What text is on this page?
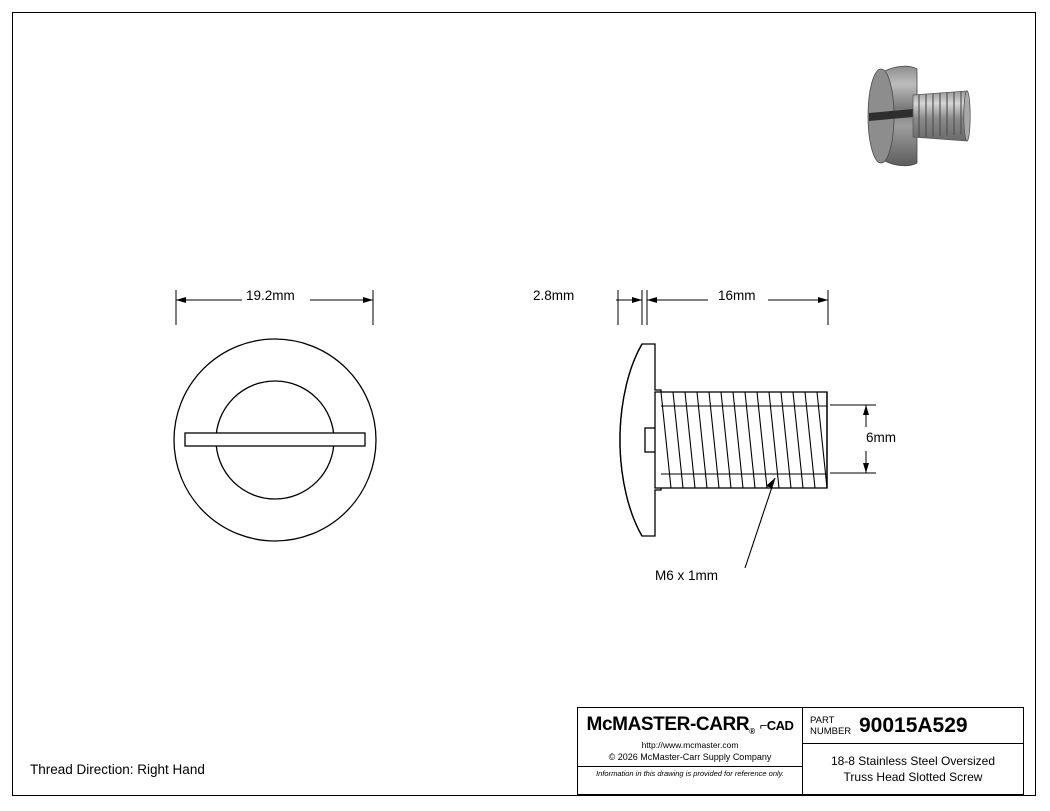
19.2mm	2.8mm	16mm
6mm
M6 x 1mm
Thread Direction: Right Hand
McMASTER-CARR® ⌐CAD
http://www.mcmaster.com
© 2026 McMaster-Carr Supply Company
Information in this drawing is provided for reference only.
PART
NUMBER 90015A529
18-8 Stainless Steel Oversized
Truss Head Slotted Screw
